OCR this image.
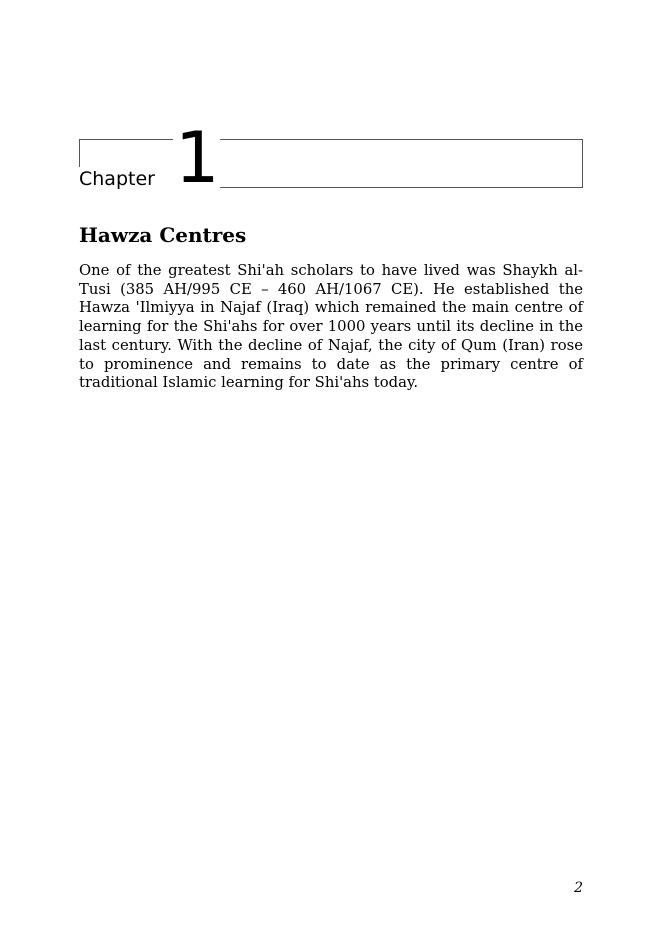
Chapter 1
Hawza Centres

One of the greatest Shi'ah scholars to have lived was Shaykh al-Tusi (385 AH/995 CE – 460 AH/1067 CE). He established the Hawza 'Ilmiyya in Najaf (Iraq) which remained the main centre of learning for the Shi'ahs for over 1000 years until its decline in the last century. With the decline of Najaf, the city of Qum (Iran) rose to prominence and remains to date as the primary centre of traditional Islamic learning for Shi'ahs today.

2
